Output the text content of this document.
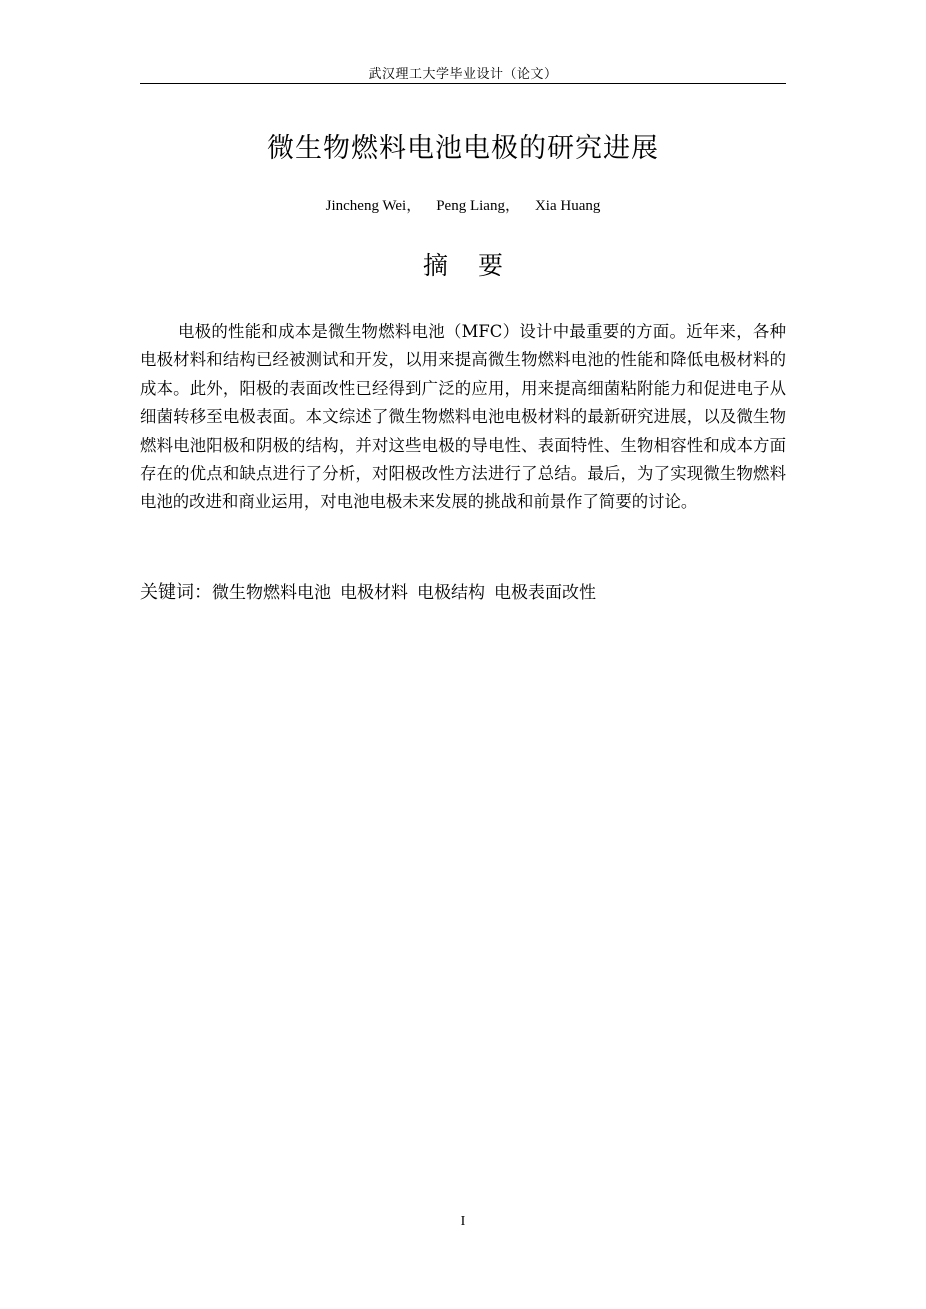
武汉理工大学毕业设计（论文）
微生物燃料电池电极的研究进展
Jincheng Wei， Peng Liang， Xia Huang
摘要

电极的性能和成本是微生物燃料电池（MFC）设计中最重要的方面。近年来，各种电极材料和结构已经被测试和开发，以用来提高微生物燃料电池的性能和降低电极材料的成本。此外，阳极的表面改性已经得到广泛的应用，用来提高细菌粘附能力和促进电子从细菌转移至电极表面。本文综述了微生物燃料电池电极材料的最新研究进展，以及微生物燃料电池阳极和阴极的结构，并对这些电极的导电性、表面特性、生物相容性和成本方面存在的优点和缺点进行了分析，对阳极改性方法进行了总结。最后，为了实现微生物燃料电池的改进和商业运用，对电池电极未来发展的挑战和前景作了简要的讨论。

关键词：微生物燃料电池 电极材料 电极结构 电极表面改性
I
